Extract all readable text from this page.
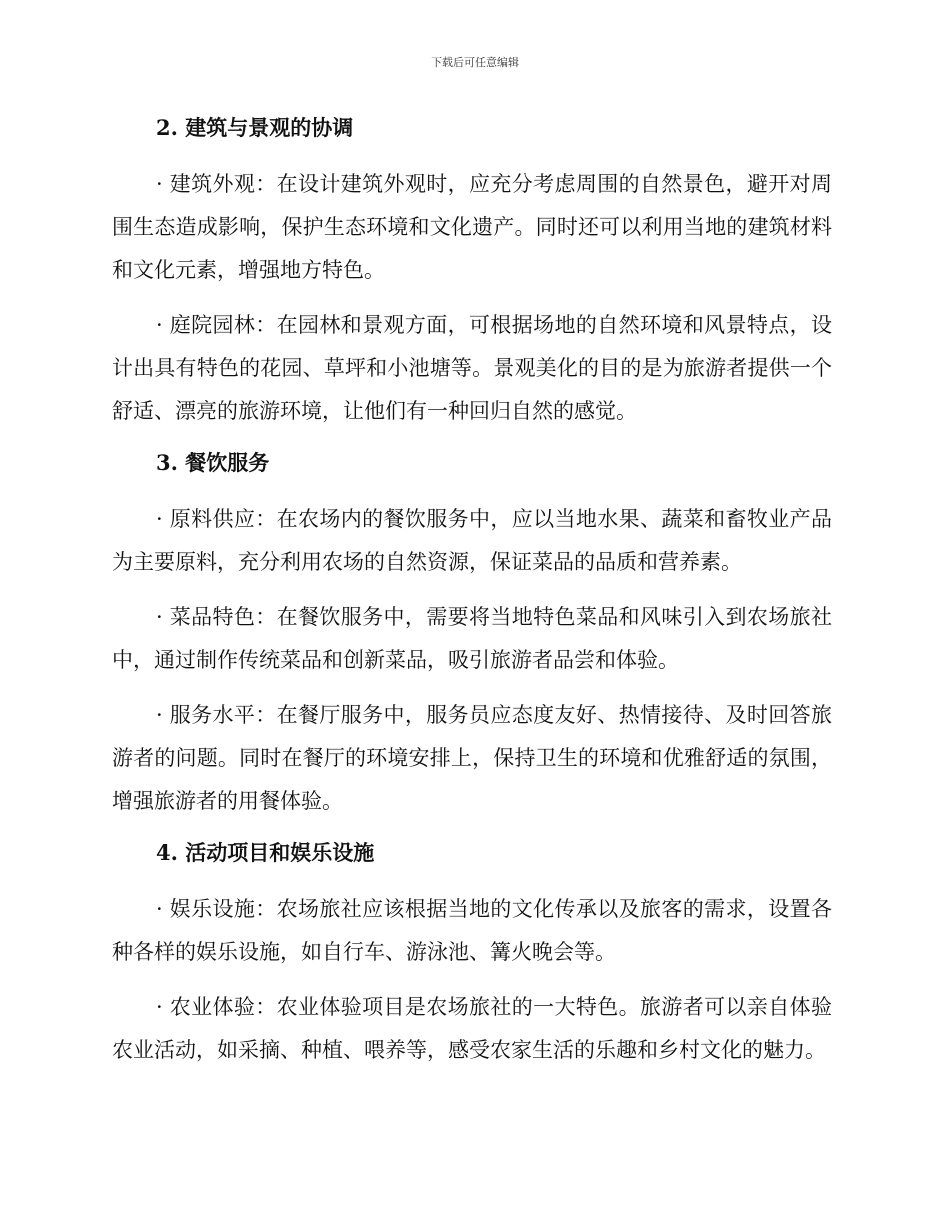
下载后可任意编辑
2. 建筑与景观的协调

· 建筑外观：在设计建筑外观时，应充分考虑周围的自然景色，避开对周围生态造成影响，保护生态环境和文化遗产。同时还可以利用当地的建筑材料和文化元素，增强地方特色。

· 庭院园林：在园林和景观方面，可根据场地的自然环境和风景特点，设计出具有特色的花园、草坪和小池塘等。景观美化的目的是为旅游者提供一个舒适、漂亮的旅游环境，让他们有一种回归自然的感觉。

3. 餐饮服务

· 原料供应：在农场内的餐饮服务中，应以当地水果、蔬菜和畜牧业产品为主要原料，充分利用农场的自然资源，保证菜品的品质和营养素。

· 菜品特色：在餐饮服务中，需要将当地特色菜品和风味引入到农场旅社中，通过制作传统菜品和创新菜品，吸引旅游者品尝和体验。

· 服务水平：在餐厅服务中，服务员应态度友好、热情接待、及时回答旅游者的问题。同时在餐厅的环境安排上，保持卫生的环境和优雅舒适的氛围，增强旅游者的用餐体验。

4. 活动项目和娱乐设施

· 娱乐设施：农场旅社应该根据当地的文化传承以及旅客的需求，设置各种各样的娱乐设施，如自行车、游泳池、篝火晚会等。

· 农业体验：农业体验项目是农场旅社的一大特色。旅游者可以亲自体验农业活动，如采摘、种植、喂养等，感受农家生活的乐趣和乡村文化的魅力。
